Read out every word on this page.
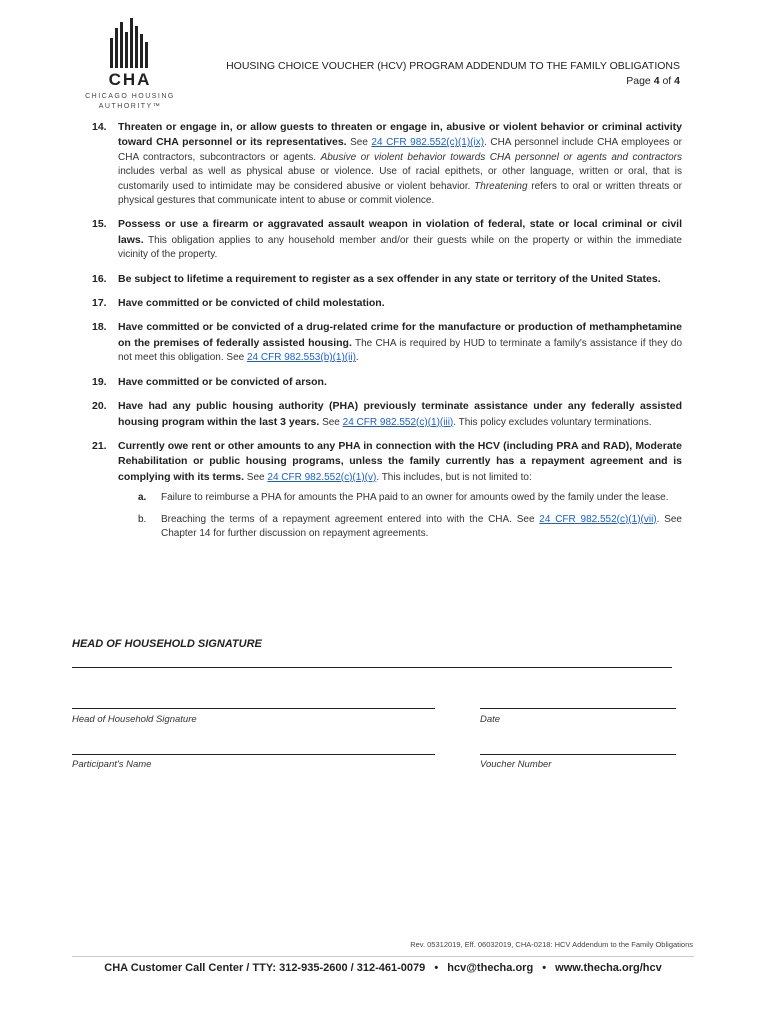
CHA
CHICAGO HOUSING
AUTHORITY™
HOUSING CHOICE VOUCHER (HCV) PROGRAM ADDENDUM TO THE FAMILY OBLIGATIONS
Page 4 of 4
14. Threaten or engage in, or allow guests to threaten or engage in, abusive or violent behavior or criminal activity toward CHA personnel or its representatives. See 24 CFR 982.552(c)(1)(ix). CHA personnel include CHA employees or CHA contractors, subcontractors or agents. Abusive or violent behavior towards CHA personnel or agents and contractors includes verbal as well as physical abuse or violence. Use of racial epithets, or other language, written or oral, that is customarily used to intimidate may be considered abusive or violent behavior. Threatening refers to oral or written threats or physical gestures that communicate intent to abuse or commit violence.
15. Possess or use a firearm or aggravated assault weapon in violation of federal, state or local criminal or civil laws. This obligation applies to any household member and/or their guests while on the property or within the immediate vicinity of the property.
16. Be subject to lifetime a requirement to register as a sex offender in any state or territory of the United States.
17. Have committed or be convicted of child molestation.
18. Have committed or be convicted of a drug-related crime for the manufacture or production of methamphetamine on the premises of federally assisted housing. The CHA is required by HUD to terminate a family's assistance if they do not meet this obligation. See 24 CFR 982.553(b)(1)(ii).
19. Have committed or be convicted of arson.
20. Have had any public housing authority (PHA) previously terminate assistance under any federally assisted housing program within the last 3 years. See 24 CFR 982.552(c)(1)(iii). This policy excludes voluntary terminations.
21. Currently owe rent or other amounts to any PHA in connection with the HCV (including PRA and RAD), Moderate Rehabilitation or public housing programs, unless the family currently has a repayment agreement and is complying with its terms. See 24 CFR 982.552(c)(1)(v). This includes, but is not limited to:
a. Failure to reimburse a PHA for amounts the PHA paid to an owner for amounts owed by the family under the lease.
b. Breaching the terms of a repayment agreement entered into with the CHA. See 24 CFR 982.552(c)(1)(vii). See Chapter 14 for further discussion on repayment agreements.
HEAD OF HOUSEHOLD SIGNATURE
Head of Household Signature	Date
Participant's Name	Voucher Number
Rev. 05312019, Eff. 06032019, CHA-0218: HCV Addendum to the Family Obligations
CHA Customer Call Center / TTY: 312-935-2600 / 312-461-0079 • hcv@thecha.org • www.thecha.org/hcv
